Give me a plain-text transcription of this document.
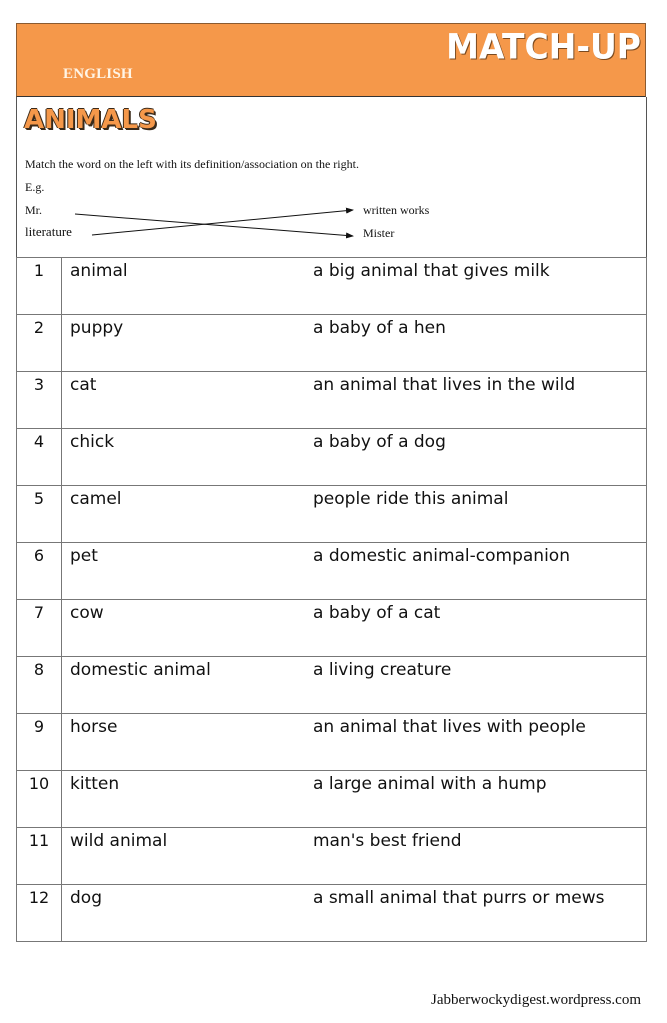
ENGLISH
MATCH-UP
ANIMALS
Match the word on the left with its definition/association on the right.
E.g.
Mr.
literature
written works
Mister
1	animal	a big animal that gives milk
2	puppy	a baby of a hen
3	cat	an animal that lives in the wild
4	chick	a baby of a dog
5	camel	people ride this animal
6	pet	a domestic animal-companion
7	cow	a baby of a cat
8	domestic animal	a living creature
9	horse	an animal that lives with people
10	kitten	a large animal with a hump
11	wild animal	man's best friend
12	dog	a small animal that purrs or mews
Jabberwockydigest.wordpress.com
